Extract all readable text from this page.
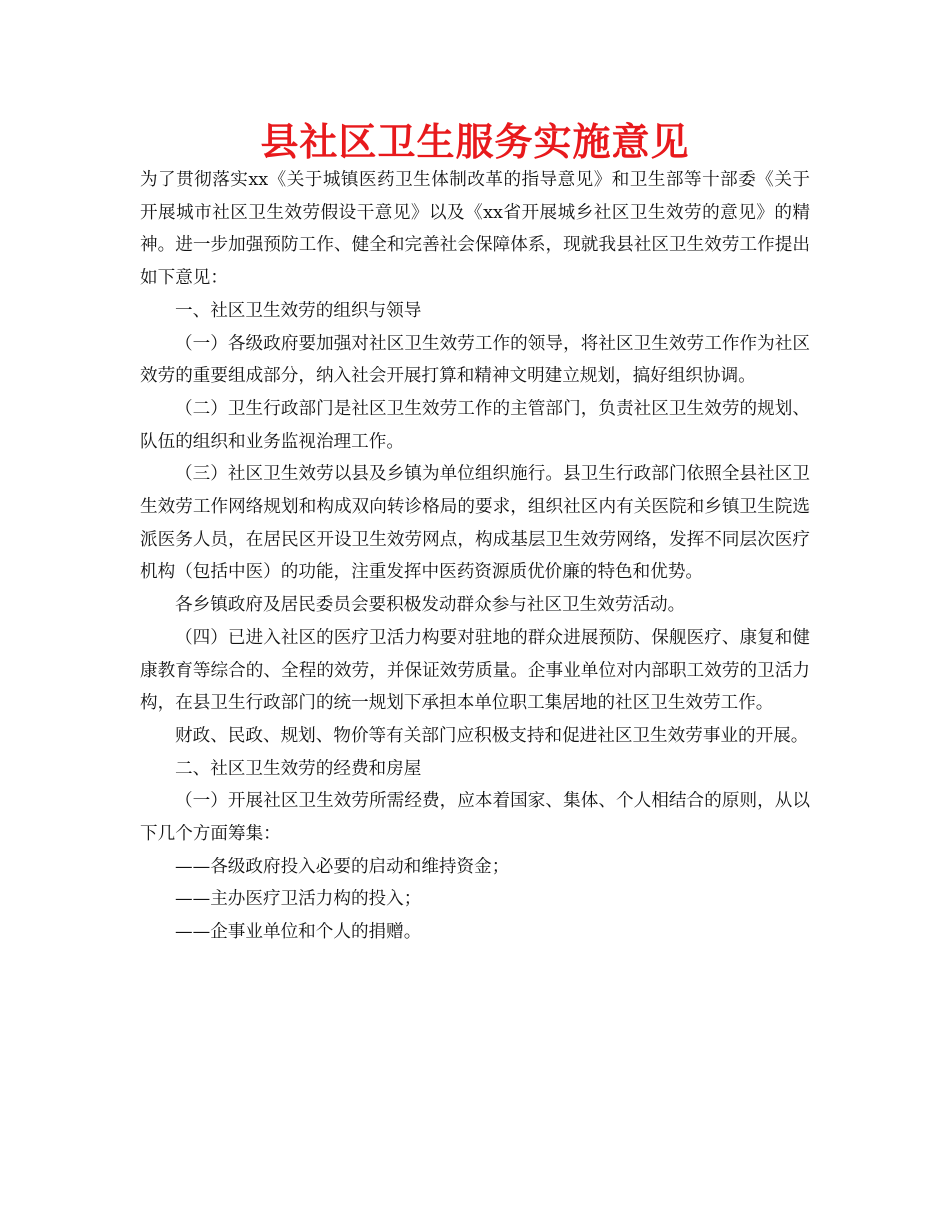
县社区卫生服务实施意见

为了贯彻落实xx《关于城镇医药卫生体制改革的指导意见》和卫生部等十部委《关于开展城市社区卫生效劳假设干意见》以及《xx省开展城乡社区卫生效劳的意见》的精神。进一步加强预防工作、健全和完善社会保障体系，现就我县社区卫生效劳工作提出如下意见：

一、社区卫生效劳的组织与领导

（一）各级政府要加强对社区卫生效劳工作的领导，将社区卫生效劳工作作为社区效劳的重要组成部分，纳入社会开展打算和精神文明建立规划，搞好组织协调。

（二）卫生行政部门是社区卫生效劳工作的主管部门，负责社区卫生效劳的规划、队伍的组织和业务监视治理工作。

（三）社区卫生效劳以县及乡镇为单位组织施行。县卫生行政部门依照全县社区卫生效劳工作网络规划和构成双向转诊格局的要求，组织社区内有关医院和乡镇卫生院选派医务人员，在居民区开设卫生效劳网点，构成基层卫生效劳网络，发挥不同层次医疗机构（包括中医）的功能，注重发挥中医药资源质优价廉的特色和优势。

各乡镇政府及居民委员会要积极发动群众参与社区卫生效劳活动。

（四）已进入社区的医疗卫活力构要对驻地的群众进展预防、保舰医疗、康复和健康教育等综合的、全程的效劳，并保证效劳质量。企事业单位对内部职工效劳的卫活力构，在县卫生行政部门的统一规划下承担本单位职工集居地的社区卫生效劳工作。

财政、民政、规划、物价等有关部门应积极支持和促进社区卫生效劳事业的开展。

二、社区卫生效劳的经费和房屋

（一）开展社区卫生效劳所需经费，应本着国家、集体、个人相结合的原则，从以下几个方面筹集：

——各级政府投入必要的启动和维持资金；

——主办医疗卫活力构的投入；

——企事业单位和个人的捐赠。
